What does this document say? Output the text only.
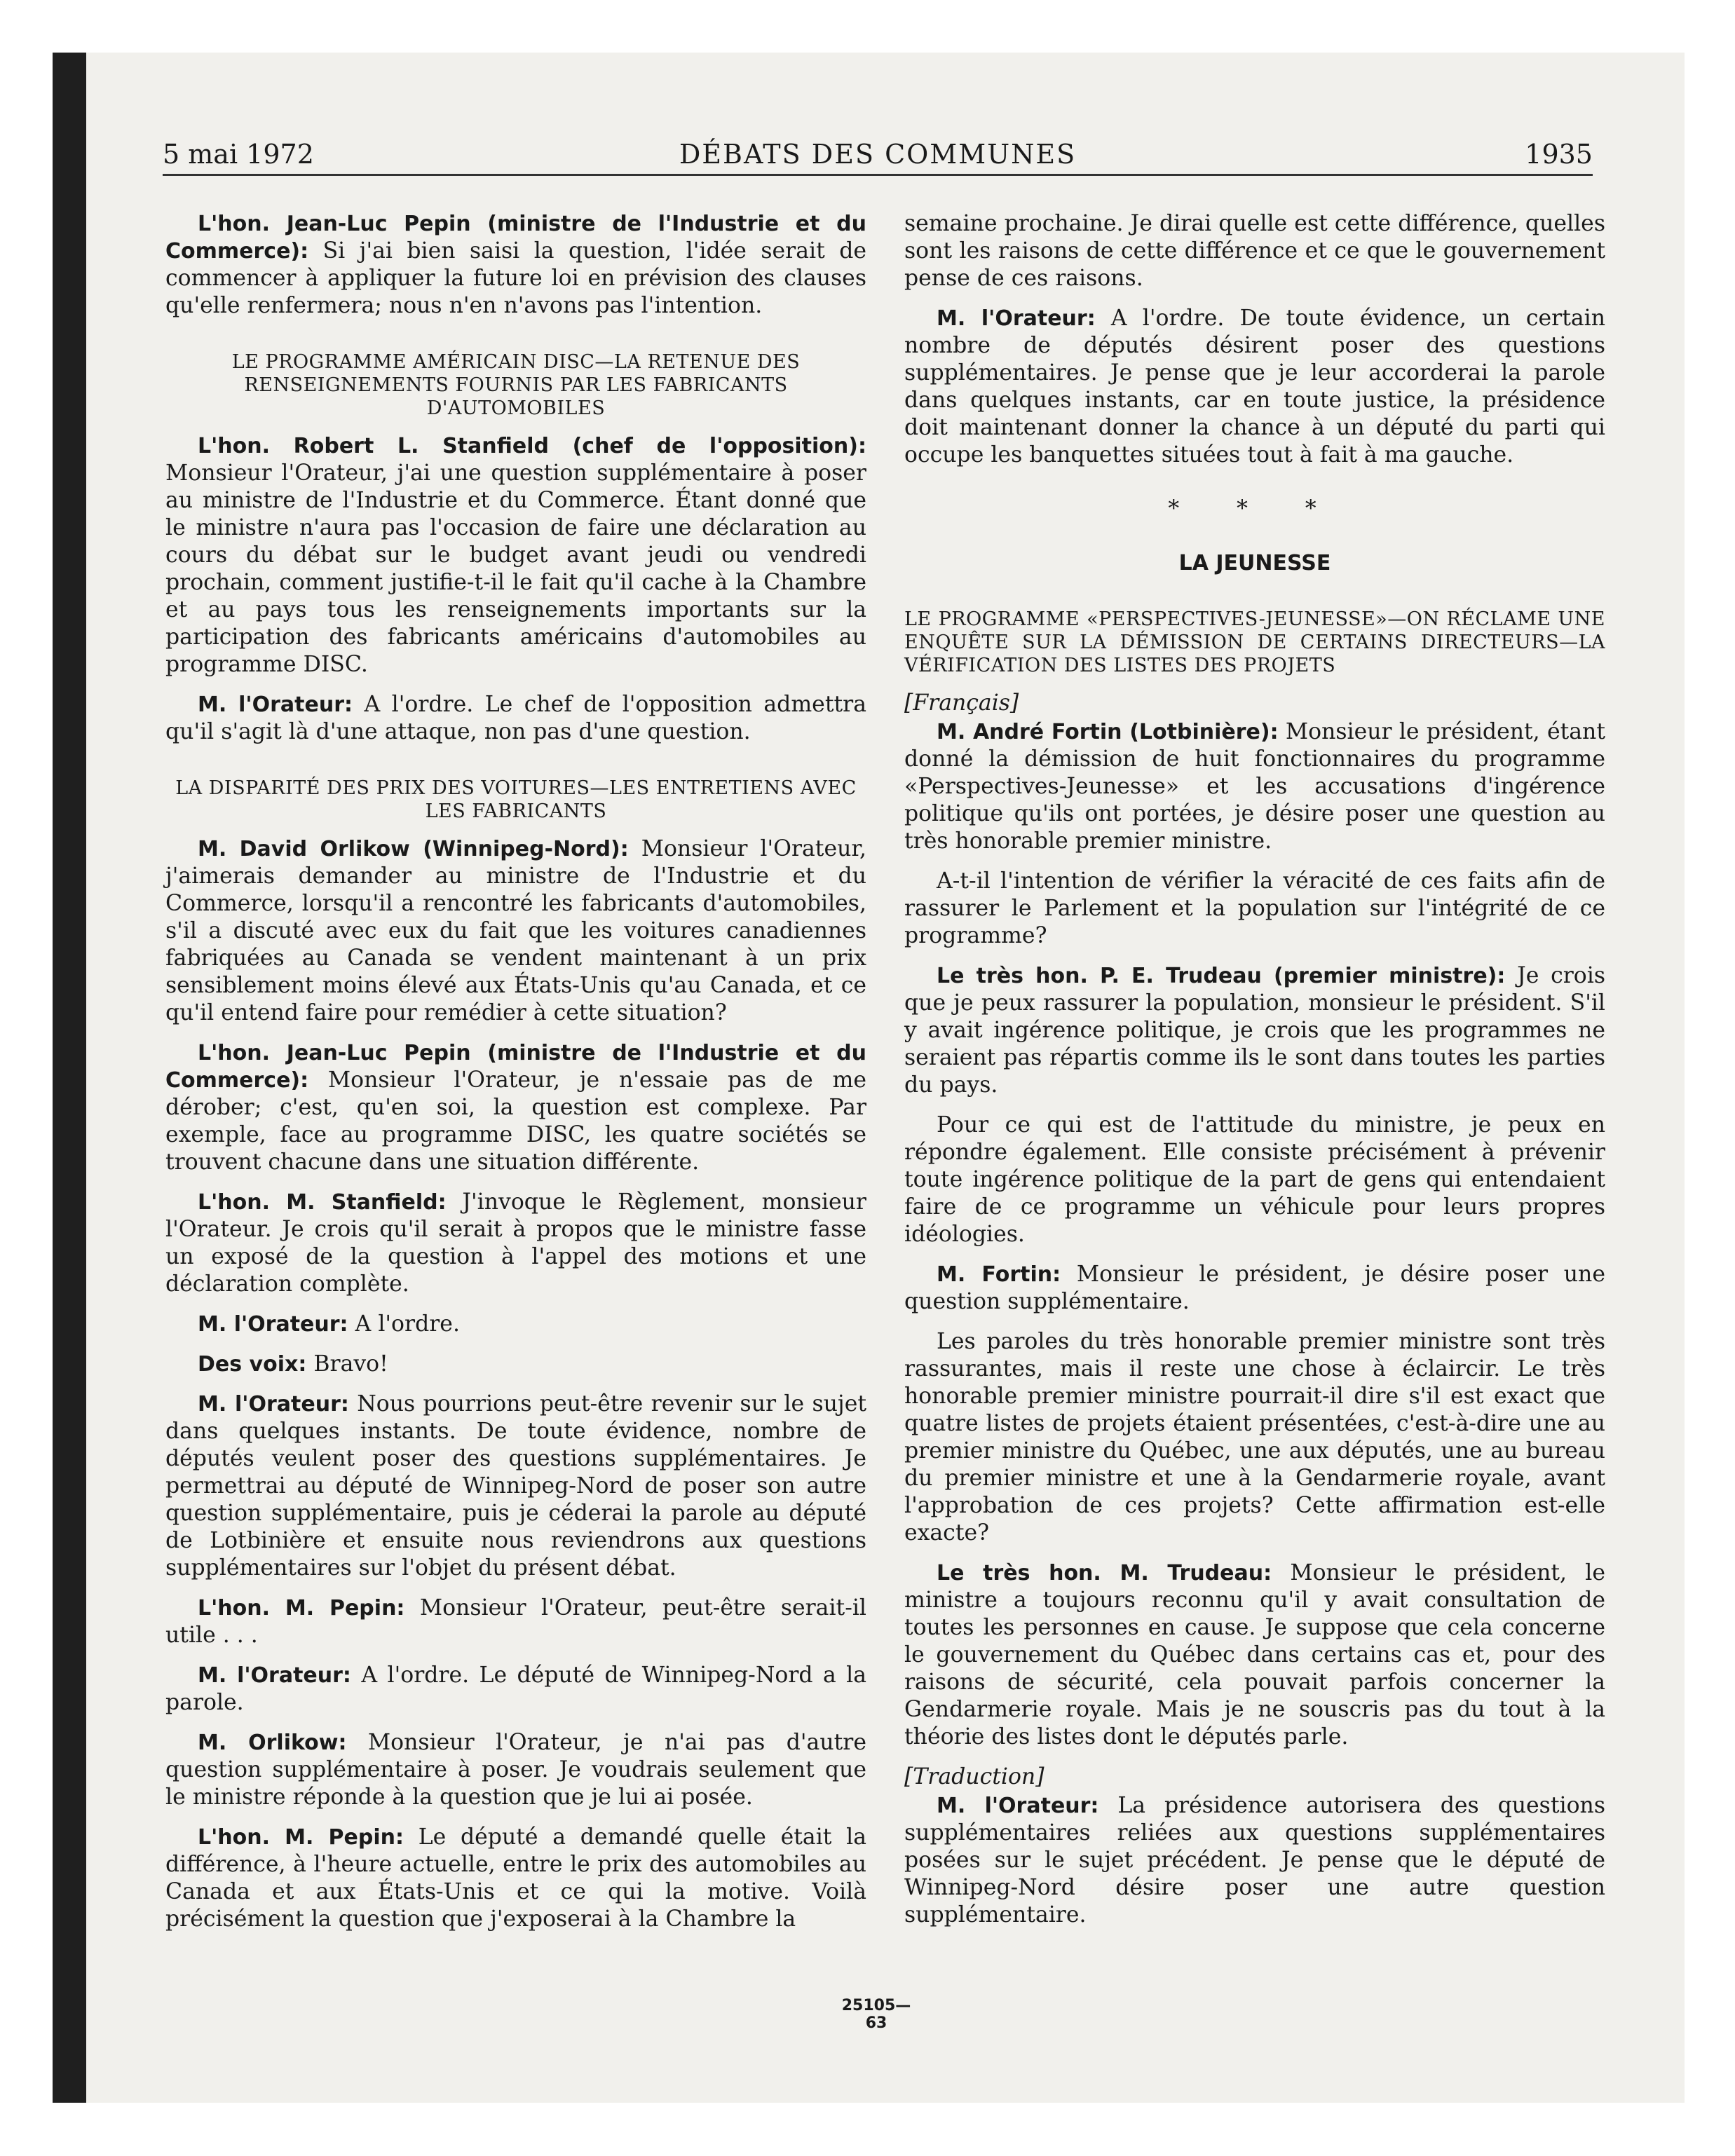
5 mai 1972	DÉBATS DES COMMUNES	1935

L'hon. Jean-Luc Pepin (ministre de l'Industrie et du Commerce): Si j'ai bien saisi la question, l'idée serait de commencer à appliquer la future loi en prévision des clauses qu'elle renfermera; nous n'en n'avons pas l'intention.

LE PROGRAMME AMÉRICAIN DISC—LA RETENUE DES RENSEIGNEMENTS FOURNIS PAR LES FABRICANTS D'AUTOMOBILES

L'hon. Robert L. Stanfield (chef de l'opposition): Monsieur l'Orateur, j'ai une question supplémentaire à poser au ministre de l'Industrie et du Commerce. Étant donné que le ministre n'aura pas l'occasion de faire une déclaration au cours du débat sur le budget avant jeudi ou vendredi prochain, comment justifie-t-il le fait qu'il cache à la Chambre et au pays tous les renseignements importants sur la participation des fabricants américains d'automobiles au programme DISC.

M. l'Orateur: A l'ordre. Le chef de l'opposition admettra qu'il s'agit là d'une attaque, non pas d'une question.

LA DISPARITÉ DES PRIX DES VOITURES—LES ENTRETIENS AVEC LES FABRICANTS

M. David Orlikow (Winnipeg-Nord): Monsieur l'Orateur, j'aimerais demander au ministre de l'Industrie et du Commerce, lorsqu'il a rencontré les fabricants d'automobiles, s'il a discuté avec eux du fait que les voitures canadiennes fabriquées au Canada se vendent maintenant à un prix sensiblement moins élevé aux États-Unis qu'au Canada, et ce qu'il entend faire pour remédier à cette situation?

L'hon. Jean-Luc Pepin (ministre de l'Industrie et du Commerce): Monsieur l'Orateur, je n'essaie pas de me dérober; c'est, qu'en soi, la question est complexe. Par exemple, face au programme DISC, les quatre sociétés se trouvent chacune dans une situation différente.

L'hon. M. Stanfield: J'invoque le Règlement, monsieur l'Orateur. Je crois qu'il serait à propos que le ministre fasse un exposé de la question à l'appel des motions et une déclaration complète.

M. l'Orateur: A l'ordre.

Des voix: Bravo!

M. l'Orateur: Nous pourrions peut-être revenir sur le sujet dans quelques instants. De toute évidence, nombre de députés veulent poser des questions supplémentaires. Je permettrai au député de Winnipeg-Nord de poser son autre question supplémentaire, puis je céderai la parole au député de Lotbinière et ensuite nous reviendrons aux questions supplémentaires sur l'objet du présent débat.

L'hon. M. Pepin: Monsieur l'Orateur, peut-être serait-il utile . . .

M. l'Orateur: A l'ordre. Le député de Winnipeg-Nord a la parole.

M. Orlikow: Monsieur l'Orateur, je n'ai pas d'autre question supplémentaire à poser. Je voudrais seulement que le ministre réponde à la question que je lui ai posée.

L'hon. M. Pepin: Le député a demandé quelle était la différence, à l'heure actuelle, entre le prix des automobiles au Canada et aux États-Unis et ce qui la motive. Voilà précisément la question que j'exposerai à la Chambre la

semaine prochaine. Je dirai quelle est cette différence, quelles sont les raisons de cette différence et ce que le gouvernement pense de ces raisons.

M. l'Orateur: A l'ordre. De toute évidence, un certain nombre de députés désirent poser des questions supplémentaires. Je pense que je leur accorderai la parole dans quelques instants, car en toute justice, la présidence doit maintenant donner la chance à un député du parti qui occupe les banquettes situées tout à fait à ma gauche.

* * *
LA JEUNESSE
LE PROGRAMME «PERSPECTIVES-JEUNESSE»—ON RÉCLAME UNE ENQUÊTE SUR LA DÉMISSION DE CERTAINS DIRECTEURS—LA VÉRIFICATION DES LISTES DES PROJETS
[Français]

M. André Fortin (Lotbinière): Monsieur le président, étant donné la démission de huit fonctionnaires du programme «Perspectives-Jeunesse» et les accusations d'ingérence politique qu'ils ont portées, je désire poser une question au très honorable premier ministre.

A-t-il l'intention de vérifier la véracité de ces faits afin de rassurer le Parlement et la population sur l'intégrité de ce programme?

Le très hon. P. E. Trudeau (premier ministre): Je crois que je peux rassurer la population, monsieur le président. S'il y avait ingérence politique, je crois que les programmes ne seraient pas répartis comme ils le sont dans toutes les parties du pays.

Pour ce qui est de l'attitude du ministre, je peux en répondre également. Elle consiste précisément à prévenir toute ingérence politique de la part de gens qui entendaient faire de ce programme un véhicule pour leurs propres idéologies.

M. Fortin: Monsieur le président, je désire poser une question supplémentaire.

Les paroles du très honorable premier ministre sont très rassurantes, mais il reste une chose à éclaircir. Le très honorable premier ministre pourrait-il dire s'il est exact que quatre listes de projets étaient présentées, c'est-à-dire une au premier ministre du Québec, une aux députés, une au bureau du premier ministre et une à la Gendarmerie royale, avant l'approbation de ces projets? Cette affirmation est-elle exacte?

Le très hon. M. Trudeau: Monsieur le président, le ministre a toujours reconnu qu'il y avait consultation de toutes les personnes en cause. Je suppose que cela concerne le gouvernement du Québec dans certains cas et, pour des raisons de sécurité, cela pouvait parfois concerner la Gendarmerie royale. Mais je ne souscris pas du tout à la théorie des listes dont le députés parle.

[Traduction]

M. l'Orateur: La présidence autorisera des questions supplémentaires reliées aux questions supplémentaires posées sur le sujet précédent. Je pense que le député de Winnipeg-Nord désire poser une autre question supplémentaire.

25105—63
